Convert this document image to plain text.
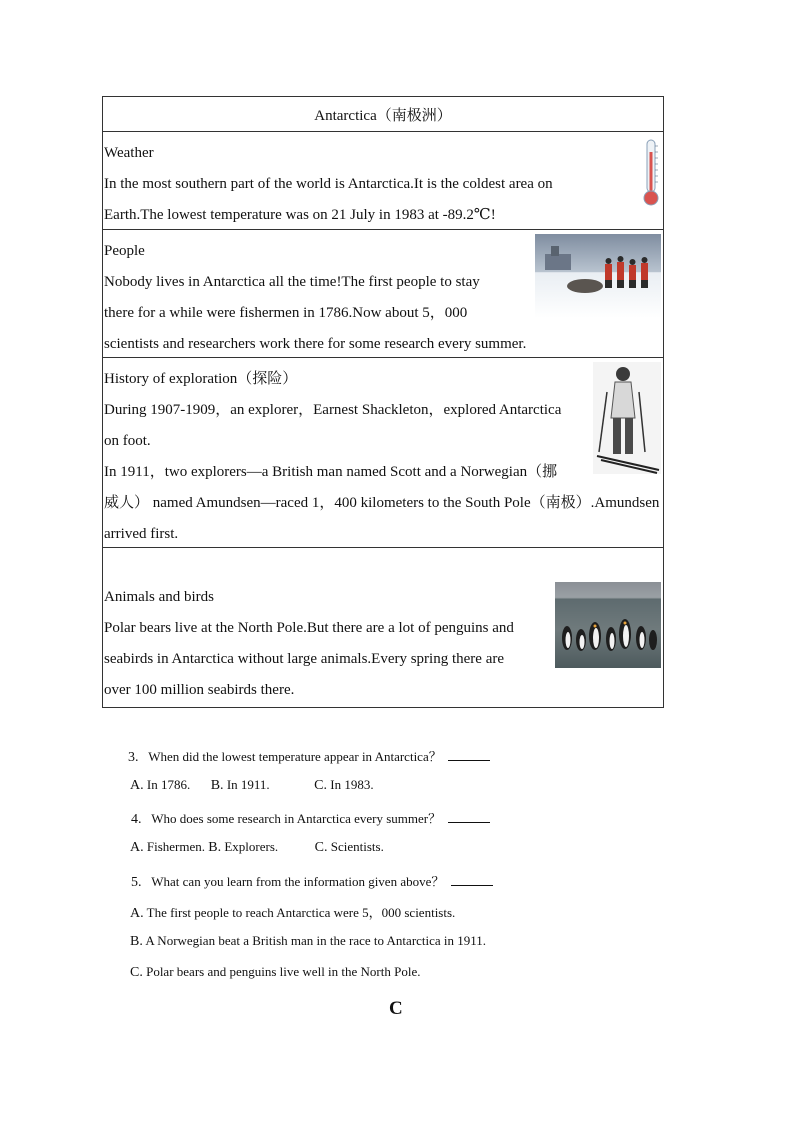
Antarctica（南极洲）
Weather
In the most southern part of the world is Antarctica.It is the coldest area on
Earth.The lowest temperature was on 21 July in 1983 at -89.2℃!
People
Nobody lives in Antarctica all the time!The first people to stay
there for a while were fishermen in 1786.Now about 5，000
scientists and researchers work there for some research every summer.
History of exploration（探险）
During 1907-1909，an explorer，Earnest Shackleton，explored Antarctica
on foot.
In 1911，two explorers—a British man named Scott and a Norwegian（挪
威人） named Amundsen—raced 1，400 kilometers to the South Pole（南极）.Amundsen
arrived first.
Animals and birds
Polar bears live at the North Pole.But there are a lot of penguins and
seabirds in Antarctica without large animals.Every spring there are
over 100 million seabirds there.
3. When did the lowest temperature appear in Antarctica？
A. In 1786. B. In 1911.	C. In 1983.
4. Who does some research in Antarctica every summer？
A. Fishermen. B. Explorers.	C. Scientists.
5. What can you learn from the information given above？
A. The first people to reach Antarctica were 5，000 scientists.
B. A Norwegian beat a British man in the race to Antarctica in 1911.
C. Polar bears and penguins live well in the North Pole.
C
